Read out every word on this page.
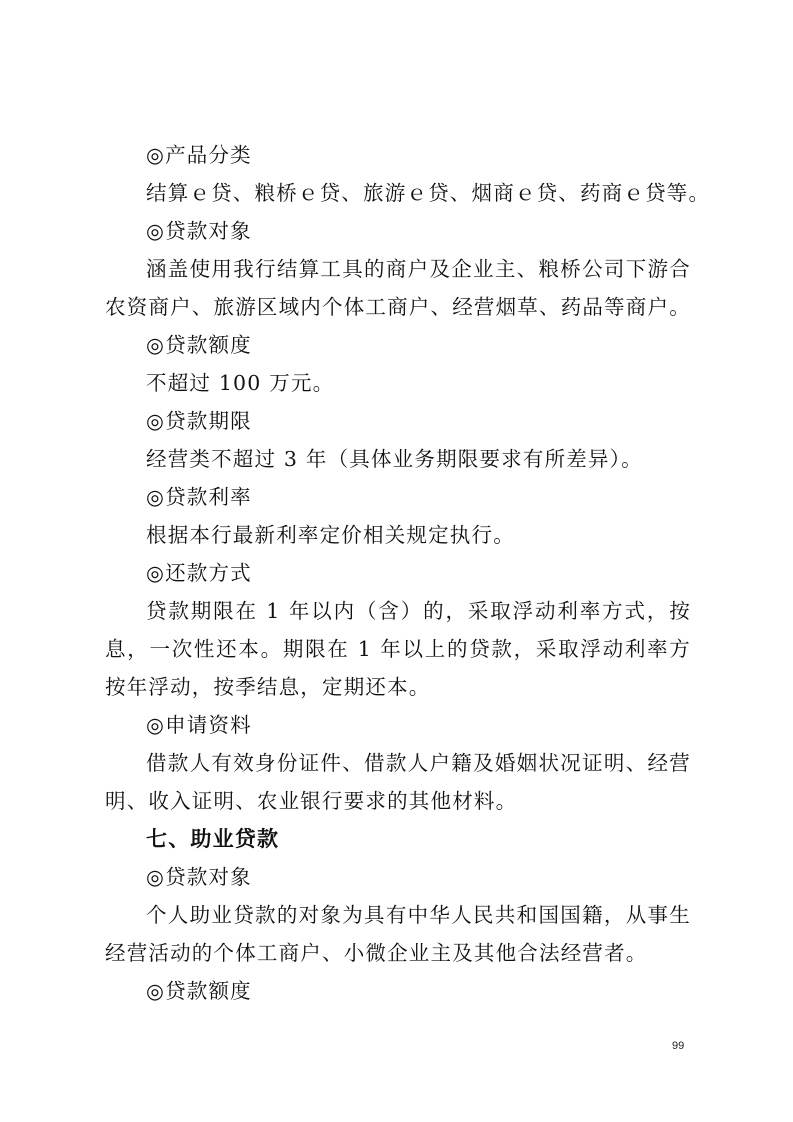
◎产品分类
结算ｅ贷、粮桥ｅ贷、旅游ｅ贷、烟商ｅ贷、药商ｅ贷等。
◎贷款对象
涵盖使用我行结算工具的商户及企业主、粮桥公司下游合
农资商户、旅游区域内个体工商户、经营烟草、药品等商户。
◎贷款额度
不超过 100 万元。
◎贷款期限
经营类不超过 3 年（具体业务期限要求有所差异）。
◎贷款利率
根据本行最新利率定价相关规定执行。
◎还款方式
贷款期限在 1 年以内（含）的，采取浮动利率方式，按
息，一次性还本。期限在 1 年以上的贷款，采取浮动利率方
按年浮动，按季结息，定期还本。
◎申请资料
借款人有效身份证件、借款人户籍及婚姻状况证明、经营
明、收入证明、农业银行要求的其他材料。
七、助业贷款
◎贷款对象
个人助业贷款的对象为具有中华人民共和国国籍，从事生
经营活动的个体工商户、小微企业主及其他合法经营者。
◎贷款额度
99
